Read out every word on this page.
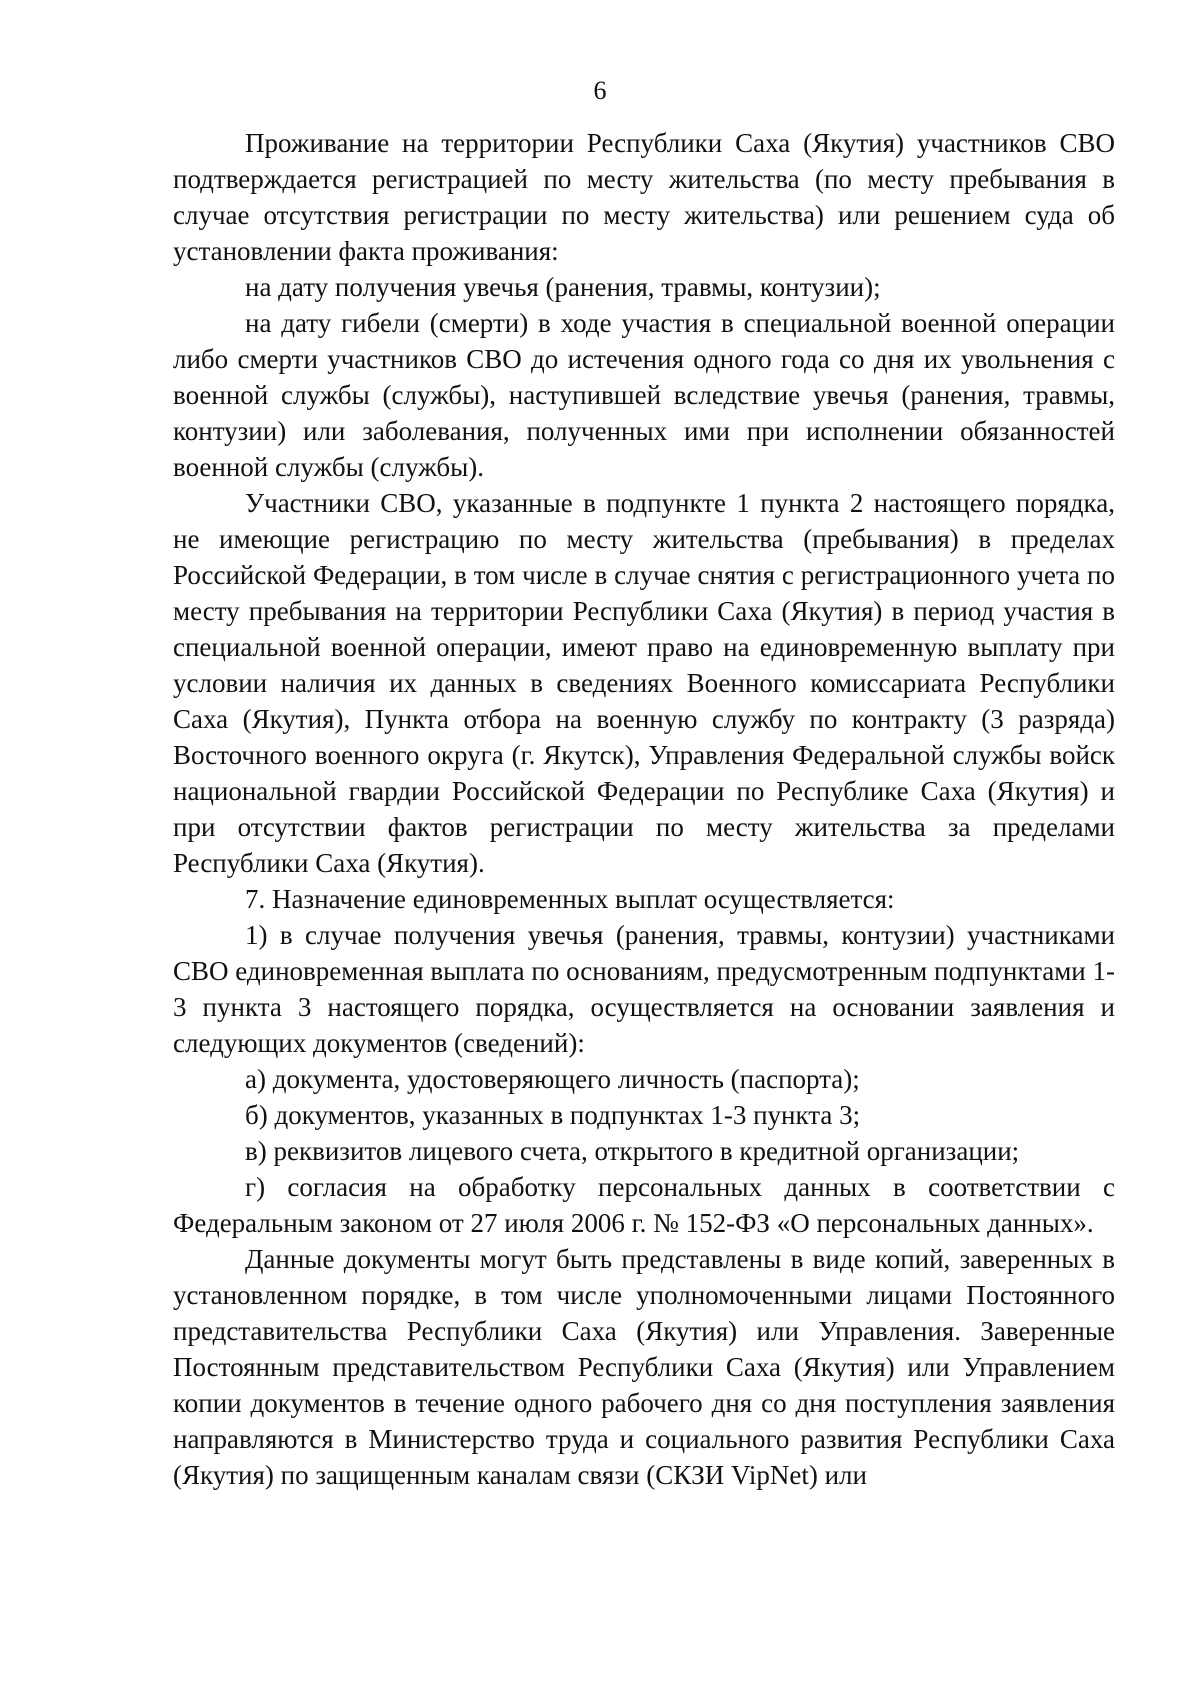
6

Проживание на территории Республики Саха (Якутия) участников СВО подтверждается регистрацией по месту жительства (по месту пребывания в случае отсутствия регистрации по месту жительства) или решением суда об установлении факта проживания:

на дату получения увечья (ранения, травмы, контузии);

на дату гибели (смерти) в ходе участия в специальной военной операции либо смерти участников СВО до истечения одного года со дня их увольнения с военной службы (службы), наступившей вследствие увечья (ранения, травмы, контузии) или заболевания, полученных ими при исполнении обязанностей военной службы (службы).

Участники СВО, указанные в подпункте 1 пункта 2 настоящего порядка, не имеющие регистрацию по месту жительства (пребывания) в пределах Российской Федерации, в том числе в случае снятия с регистрационного учета по месту пребывания на территории Республики Саха (Якутия) в период участия в специальной военной операции, имеют право на единовременную выплату при условии наличия их данных в сведениях Военного комиссариата Республики Саха (Якутия), Пункта отбора на военную службу по контракту (3 разряда) Восточного военного округа (г. Якутск), Управления Федеральной службы войск национальной гвардии Российской Федерации по Республике Саха (Якутия) и при отсутствии фактов регистрации по месту жительства за пределами Республики Саха (Якутия).

7. Назначение единовременных выплат осуществляется:

1) в случае получения увечья (ранения, травмы, контузии) участниками СВО единовременная выплата по основаниям, предусмотренным подпунктами 1-3 пункта 3 настоящего порядка, осуществляется на основании заявления и следующих документов (сведений):

а) документа, удостоверяющего личность (паспорта);

б) документов, указанных в подпунктах 1-3 пункта 3;

в) реквизитов лицевого счета, открытого в кредитной организации;

г) согласия на обработку персональных данных в соответствии с Федеральным законом от 27 июля 2006 г. № 152-ФЗ «О персональных данных».

Данные документы могут быть представлены в виде копий, заверенных в установленном порядке, в том числе уполномоченными лицами Постоянного представительства Республики Саха (Якутия) или Управления. Заверенные Постоянным представительством Республики Саха (Якутия) или Управлением копии документов в течение одного рабочего дня со дня поступления заявления направляются в Министерство труда и социального развития Республики Саха (Якутия) по защищенным каналам связи (СКЗИ VipNet) или
